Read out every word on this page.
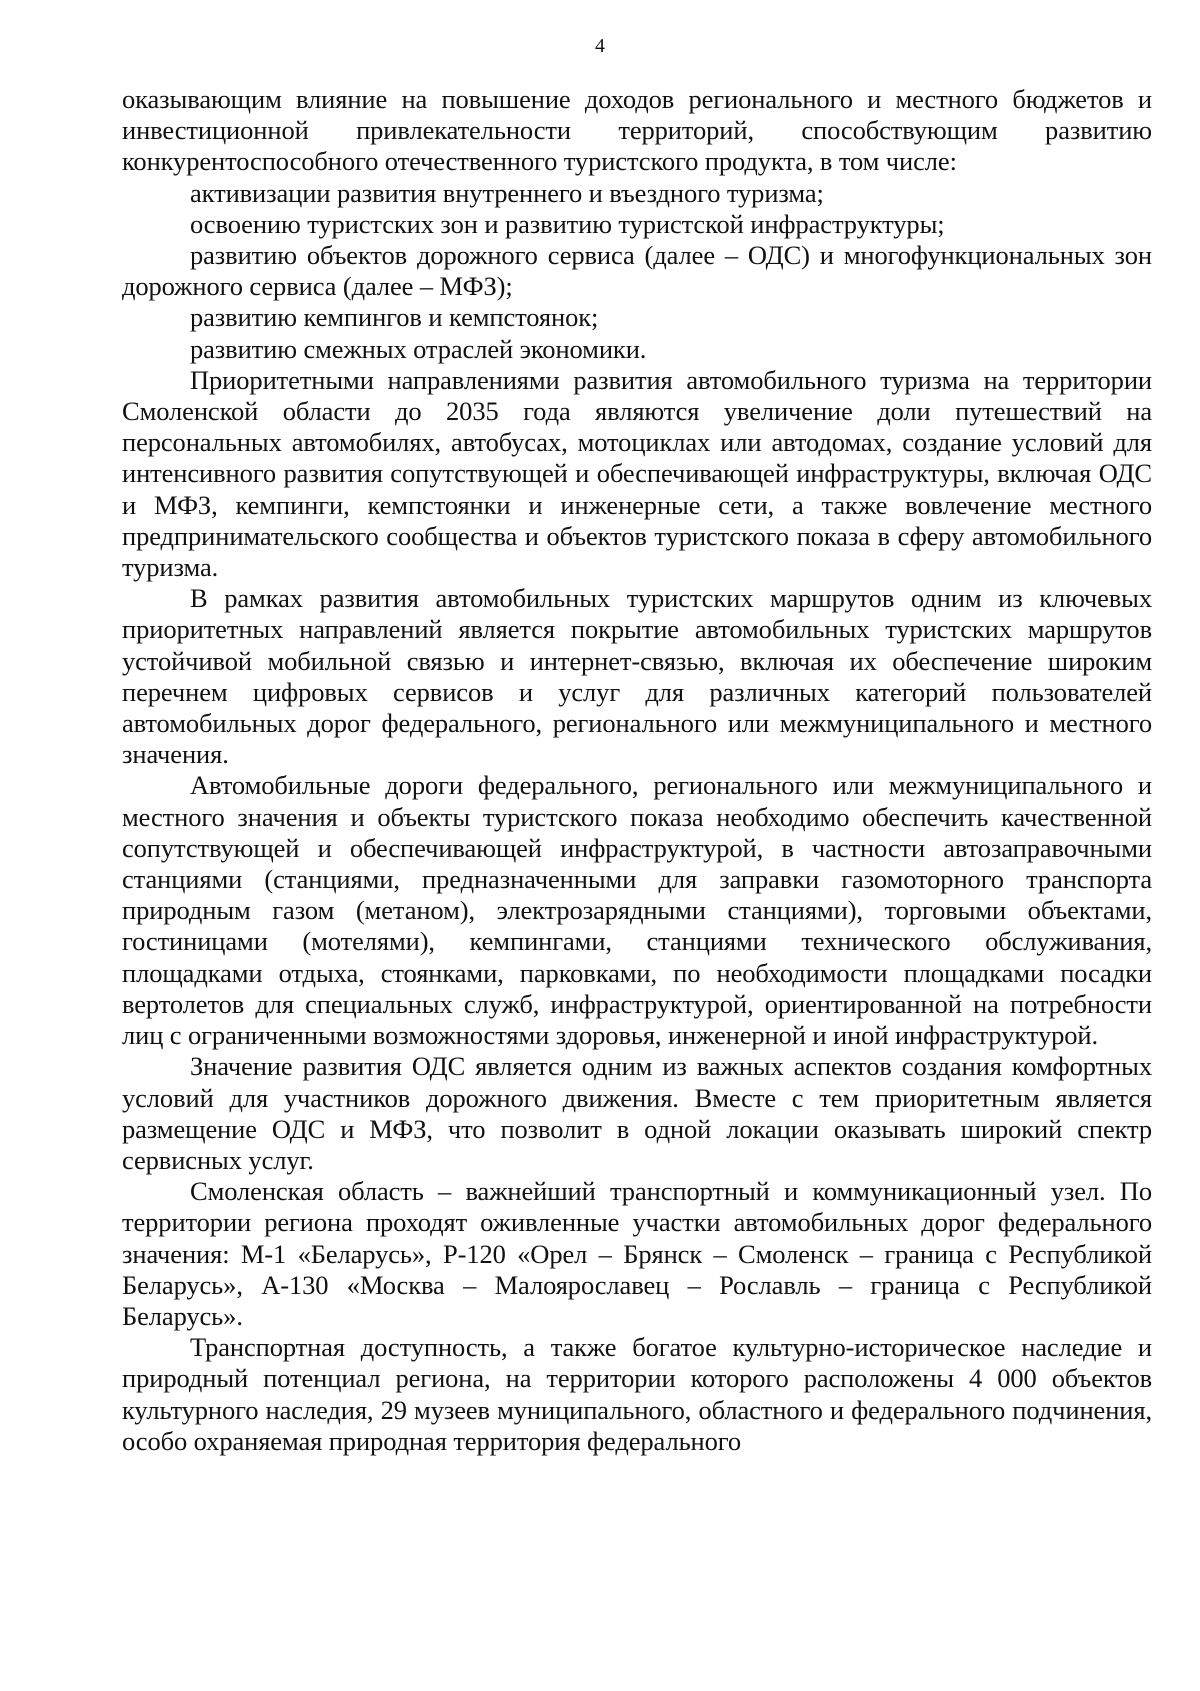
4

оказывающим влияние на повышение доходов регионального и местного бюджетов и инвестиционной привлекательности территорий, способствующим развитию конкурентоспособного отечественного туристского продукта, в том числе:

активизации развития внутреннего и въездного туризма;

освоению туристских зон и развитию туристской инфраструктуры;

развитию объектов дорожного сервиса (далее – ОДС) и многофункциональных зон дорожного сервиса (далее – МФЗ);

развитию кемпингов и кемпстоянок;

развитию смежных отраслей экономики.

Приоритетными направлениями развития автомобильного туризма на территории Смоленской области до 2035 года являются увеличение доли путешествий на персональных автомобилях, автобусах, мотоциклах или автодомах, создание условий для интенсивного развития сопутствующей и обеспечивающей инфраструктуры, включая ОДС и МФЗ, кемпинги, кемпстоянки и инженерные сети, а также вовлечение местного предпринимательского сообщества и объектов туристского показа в сферу автомобильного туризма.

В рамках развития автомобильных туристских маршрутов одним из ключевых приоритетных направлений является покрытие автомобильных туристских маршрутов устойчивой мобильной связью и интернет-связью, включая их обеспечение широким перечнем цифровых сервисов и услуг для различных категорий пользователей автомобильных дорог федерального, регионального или межмуниципального и местного значения.

Автомобильные дороги федерального, регионального или межмуниципального и местного значения и объекты туристского показа необходимо обеспечить качественной сопутствующей и обеспечивающей инфраструктурой, в частности автозаправочными станциями (станциями, предназначенными для заправки газомоторного транспорта природным газом (метаном), электрозарядными станциями), торговыми объектами, гостиницами (мотелями), кемпингами, станциями технического обслуживания, площадками отдыха, стоянками, парковками, по необходимости площадками посадки вертолетов для специальных служб, инфраструктурой, ориентированной на потребности лиц с ограниченными возможностями здоровья, инженерной и иной инфраструктурой.

Значение развития ОДС является одним из важных аспектов создания комфортных условий для участников дорожного движения. Вместе с тем приоритетным является размещение ОДС и МФЗ, что позволит в одной локации оказывать широкий спектр сервисных услуг.

Смоленская область – важнейший транспортный и коммуникационный узел. По территории региона проходят оживленные участки автомобильных дорог федерального значения: М-1 «Беларусь», Р-120 «Орел – Брянск – Смоленск – граница с Республикой Беларусь», А-130 «Москва – Малоярославец – Рославль – граница с Республикой Беларусь».

Транспортная доступность, а также богатое культурно-историческое наследие и природный потенциал региона, на территории которого расположены 4 000 объектов культурного наследия, 29 музеев муниципального, областного и федерального подчинения, особо охраняемая природная территория федерального
